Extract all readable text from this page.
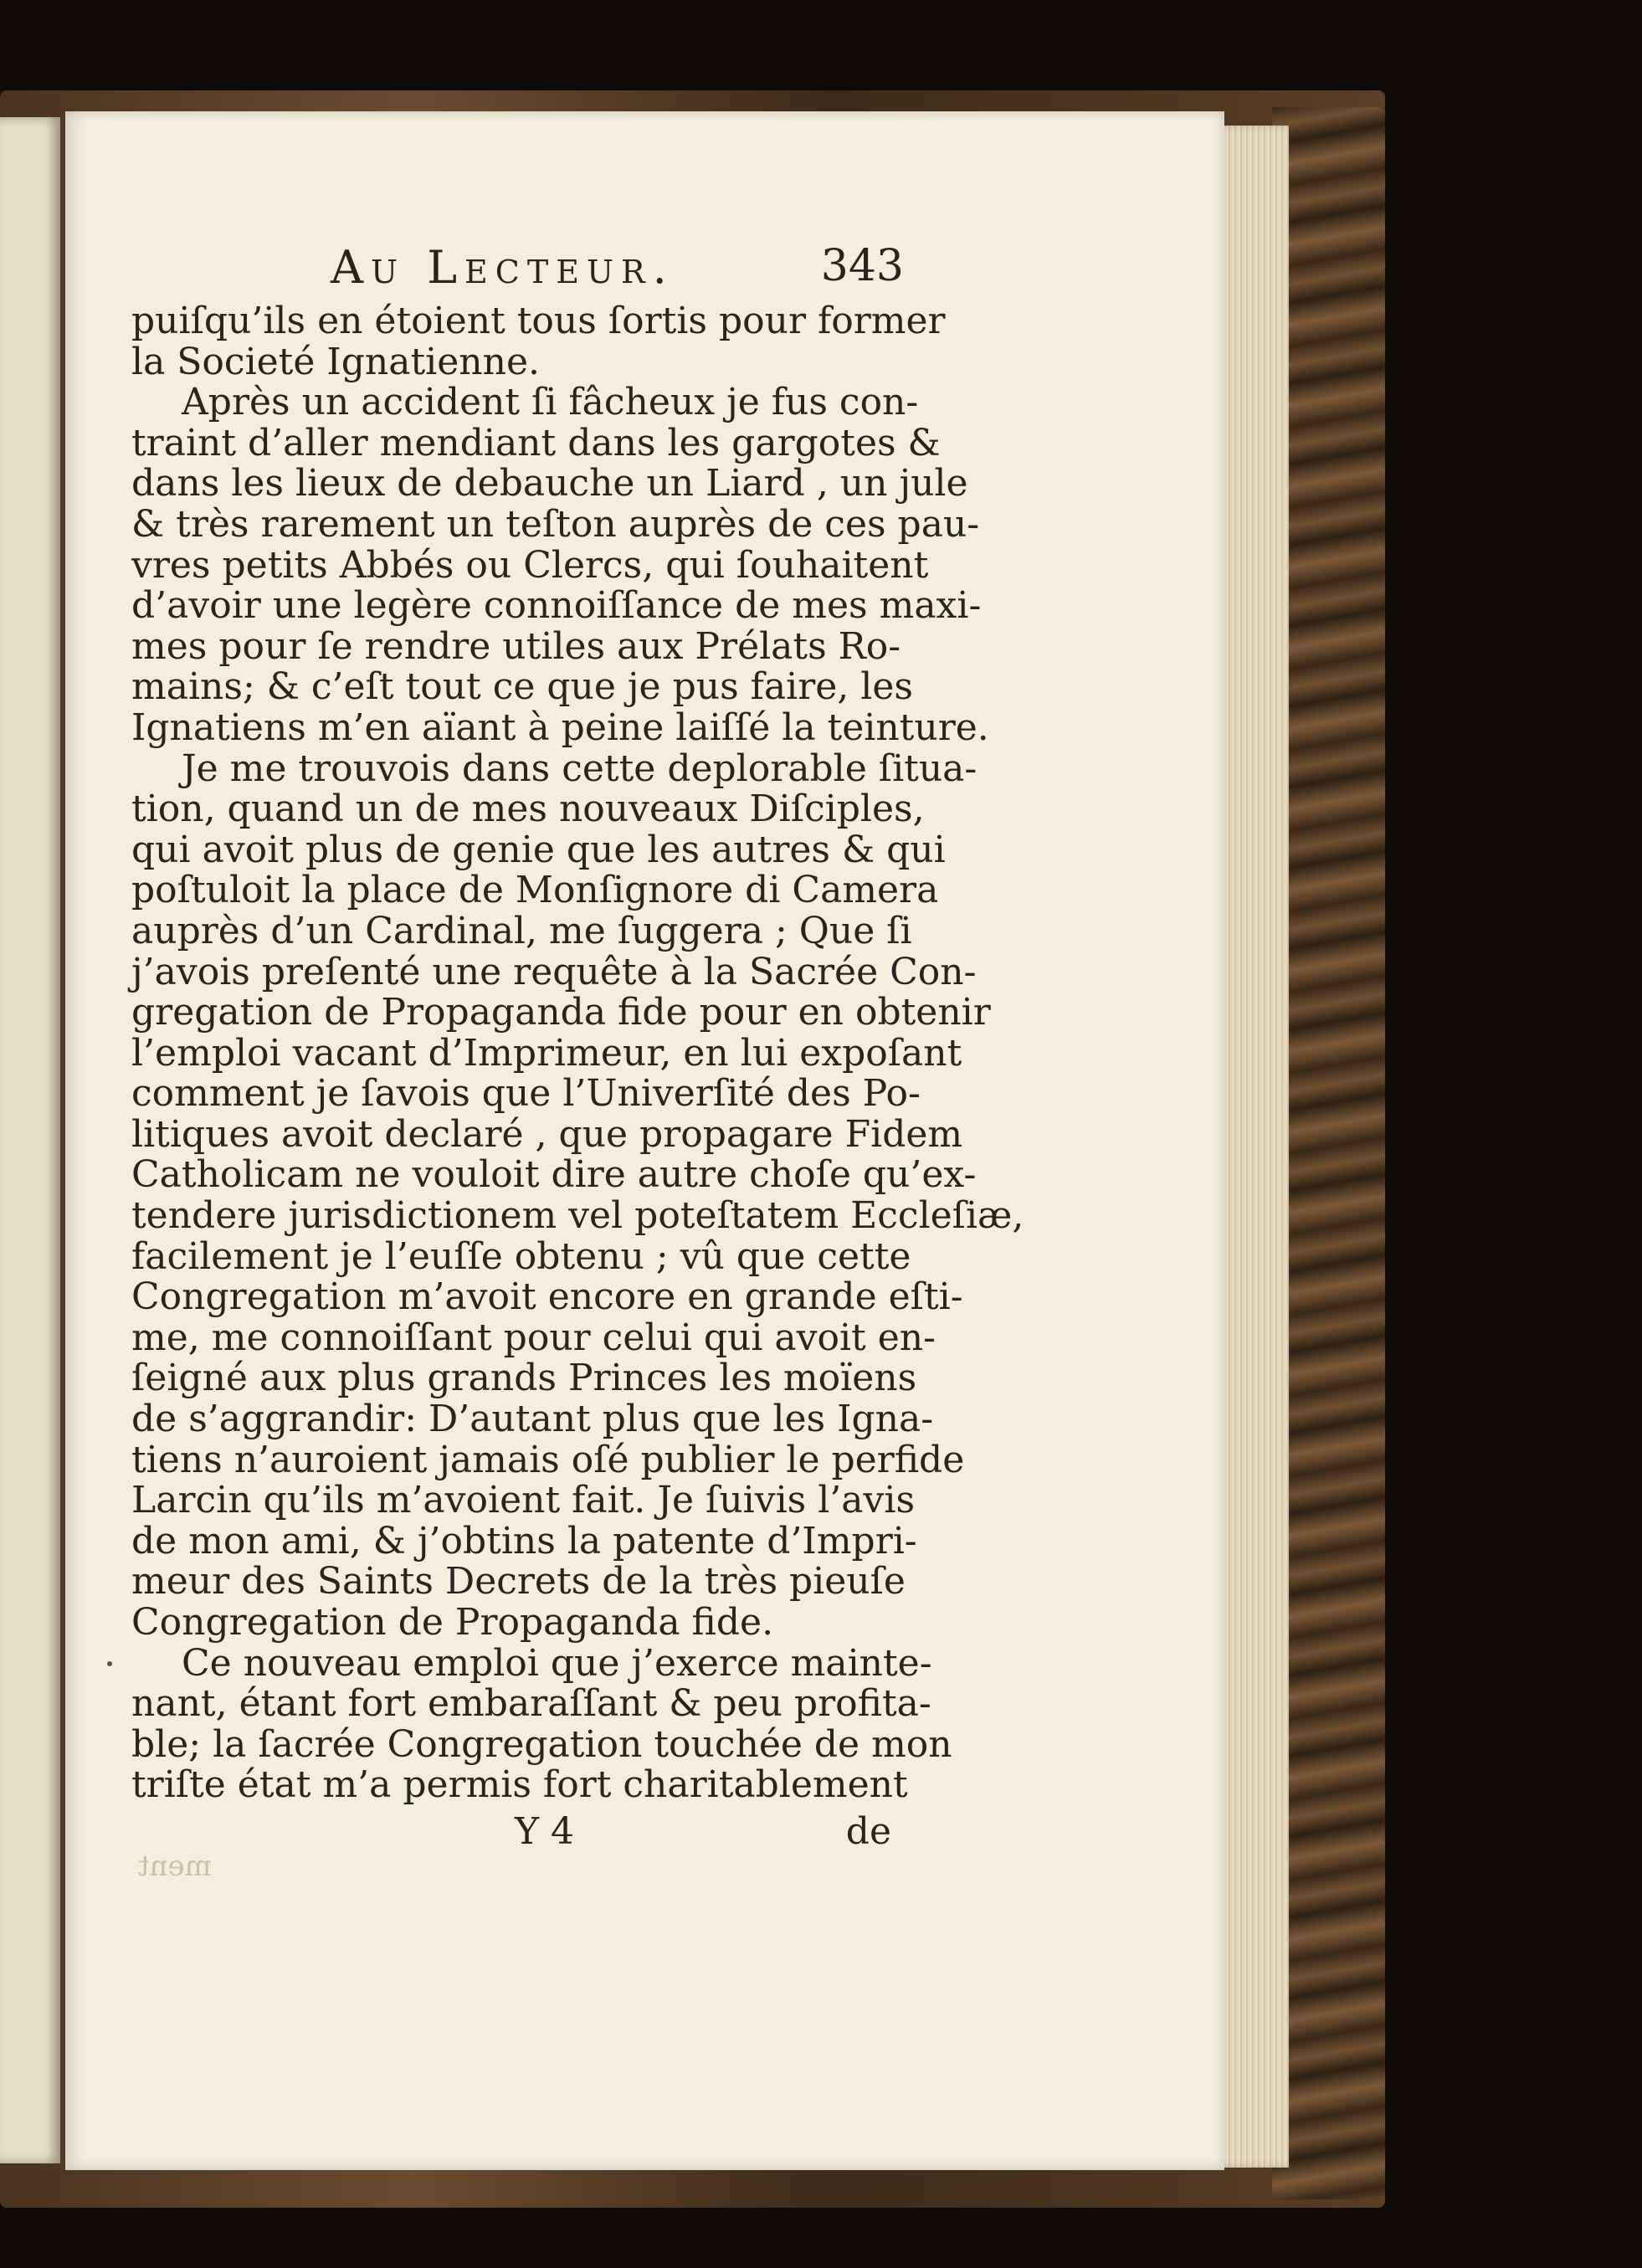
Au Lecteur.	343
puiſqu’ils en étoient tous ſortis pour former
la Societé Ignatienne.
Après un accident ſi fâcheux je fus con-
traint d’aller mendiant dans les gargotes &
dans les lieux de debauche un Liard , un jule
& très rarement un teſton auprès de ces pau-
vres petits Abbés ou Clercs, qui ſouhaitent
d’avoir une legère connoiſſance de mes maxi-
mes pour ſe rendre utiles aux Prélats Ro-
mains; & c’eſt tout ce que je pus faire, les
Ignatiens m’en aïant à peine laiſſé la teinture.
Je me trouvois dans cette deplorable ſitua-
tion, quand un de mes nouveaux Diſciples,
qui avoit plus de genie que les autres & qui
poſtuloit la place de Monſignore di Camera
auprès d’un Cardinal, me ſuggera ; Que ſi
j’avois preſenté une requête à la Sacrée Con-
gregation de Propaganda fide pour en obtenir
l’emploi vacant d’Imprimeur, en lui expoſant
comment je ſavois que l’Univerſité des Po-
litiques avoit declaré , que propagare Fidem
Catholicam ne vouloit dire autre choſe qu’ex-
tendere jurisdictionem vel poteſtatem Eccleſiæ,
facilement je l’euſſe obtenu ; vû que cette
Congregation m’avoit encore en grande eſti-
me, me connoiſſant pour celui qui avoit en-
ſeigné aux plus grands Princes les moïens
de s’aggrandir: D’autant plus que les Igna-
tiens n’auroient jamais oſé publier le perfide
Larcin qu’ils m’avoient fait. Je ſuivis l’avis
de mon ami, & j’obtins la patente d’Impri-
meur des Saints Decrets de la très pieuſe
Congregation de Propaganda fide.
Ce nouveau emploi que j’exerce mainte-
nant, étant fort embaraſſant & peu profita-
ble; la ſacrée Congregation touchée de mon
triſte état m’a permis fort charitablement
Y 4	de
ment
